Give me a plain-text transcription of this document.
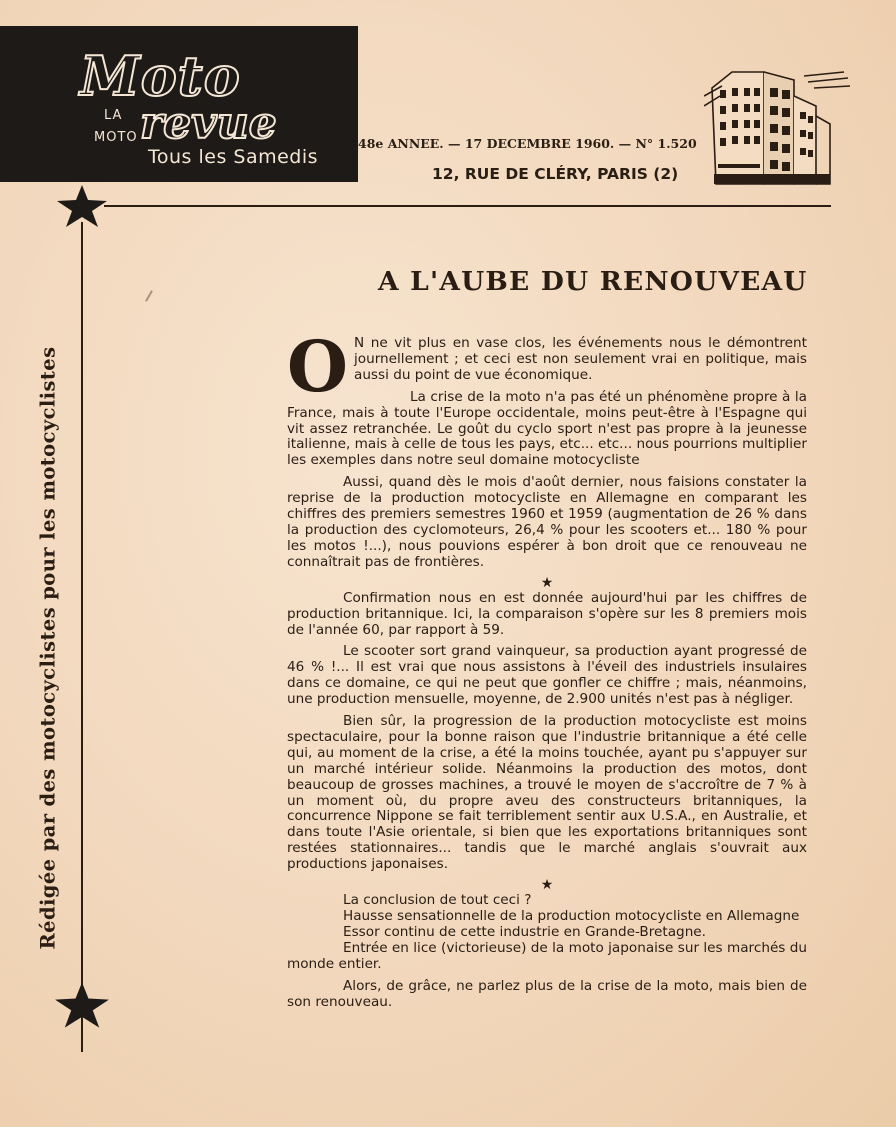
Moto
LA
MOTO revue
Tous les Samedis
48e ANNEE. — 17 DECEMBRE 1960. — N° 1.520
12, RUE DE CLÉRY, PARIS (2)
Rédigée par des motocyclistes pour les motocyclistes
A L'AUBE DU RENOUVEAU

O N ne vit plus en vase clos, les événements nous le démontrent journellement ; et ceci est non seulement vrai en politique, mais aussi du point de vue économique.

La crise de la moto n'a pas été un phénomène propre à la France, mais à toute l'Europe occidentale, moins peut-être à l'Espagne qui vit assez retranchée. Le goût du cyclo sport n'est pas propre à la jeunesse italienne, mais à celle de tous les pays, etc... etc... nous pourrions multiplier les exemples dans notre seul domaine motocycliste

Aussi, quand dès le mois d'août dernier, nous faisions constater la reprise de la production motocycliste en Allemagne en comparant les chiffres des premiers semestres 1960 et 1959 (augmentation de 26 % dans la production des cyclomoteurs, 26,4 % pour les scooters et... 180 % pour les motos !...), nous pouvions espérer à bon droit que ce renouveau ne connaîtrait pas de frontières.

★

Confirmation nous en est donnée aujourd'hui par les chiffres de production britannique. Ici, la comparaison s'opère sur les 8 premiers mois de l'année 60, par rapport à 59.

Le scooter sort grand vainqueur, sa production ayant progressé de 46 % !... Il est vrai que nous assistons à l'éveil des industriels insulaires dans ce domaine, ce qui ne peut que gonfler ce chiffre ; mais, néanmoins, une production mensuelle, moyenne, de 2.900 unités n'est pas à négliger.

Bien sûr, la progression de la production motocycliste est moins spectaculaire, pour la bonne raison que l'industrie britannique a été celle qui, au moment de la crise, a été la moins touchée, ayant pu s'appuyer sur un marché intérieur solide. Néanmoins la production des motos, dont beaucoup de grosses machines, a trouvé le moyen de s'accroître de 7 % à un moment où, du propre aveu des constructeurs britanniques, la concurrence Nippone se fait terriblement sentir aux U.S.A., en Australie, et dans toute l'Asie orientale, si bien que les exportations britanniques sont restées stationnaires... tandis que le marché anglais s'ouvrait aux productions japonaises.

★

La conclusion de tout ceci ?

Hausse sensationnelle de la production motocycliste en Allemagne

Essor continu de cette industrie en Grande-Bretagne.

Entrée en lice (victorieuse) de la moto japonaise sur les marchés du monde entier.

Alors, de grâce, ne parlez plus de la crise de la moto, mais bien de son renouveau.
